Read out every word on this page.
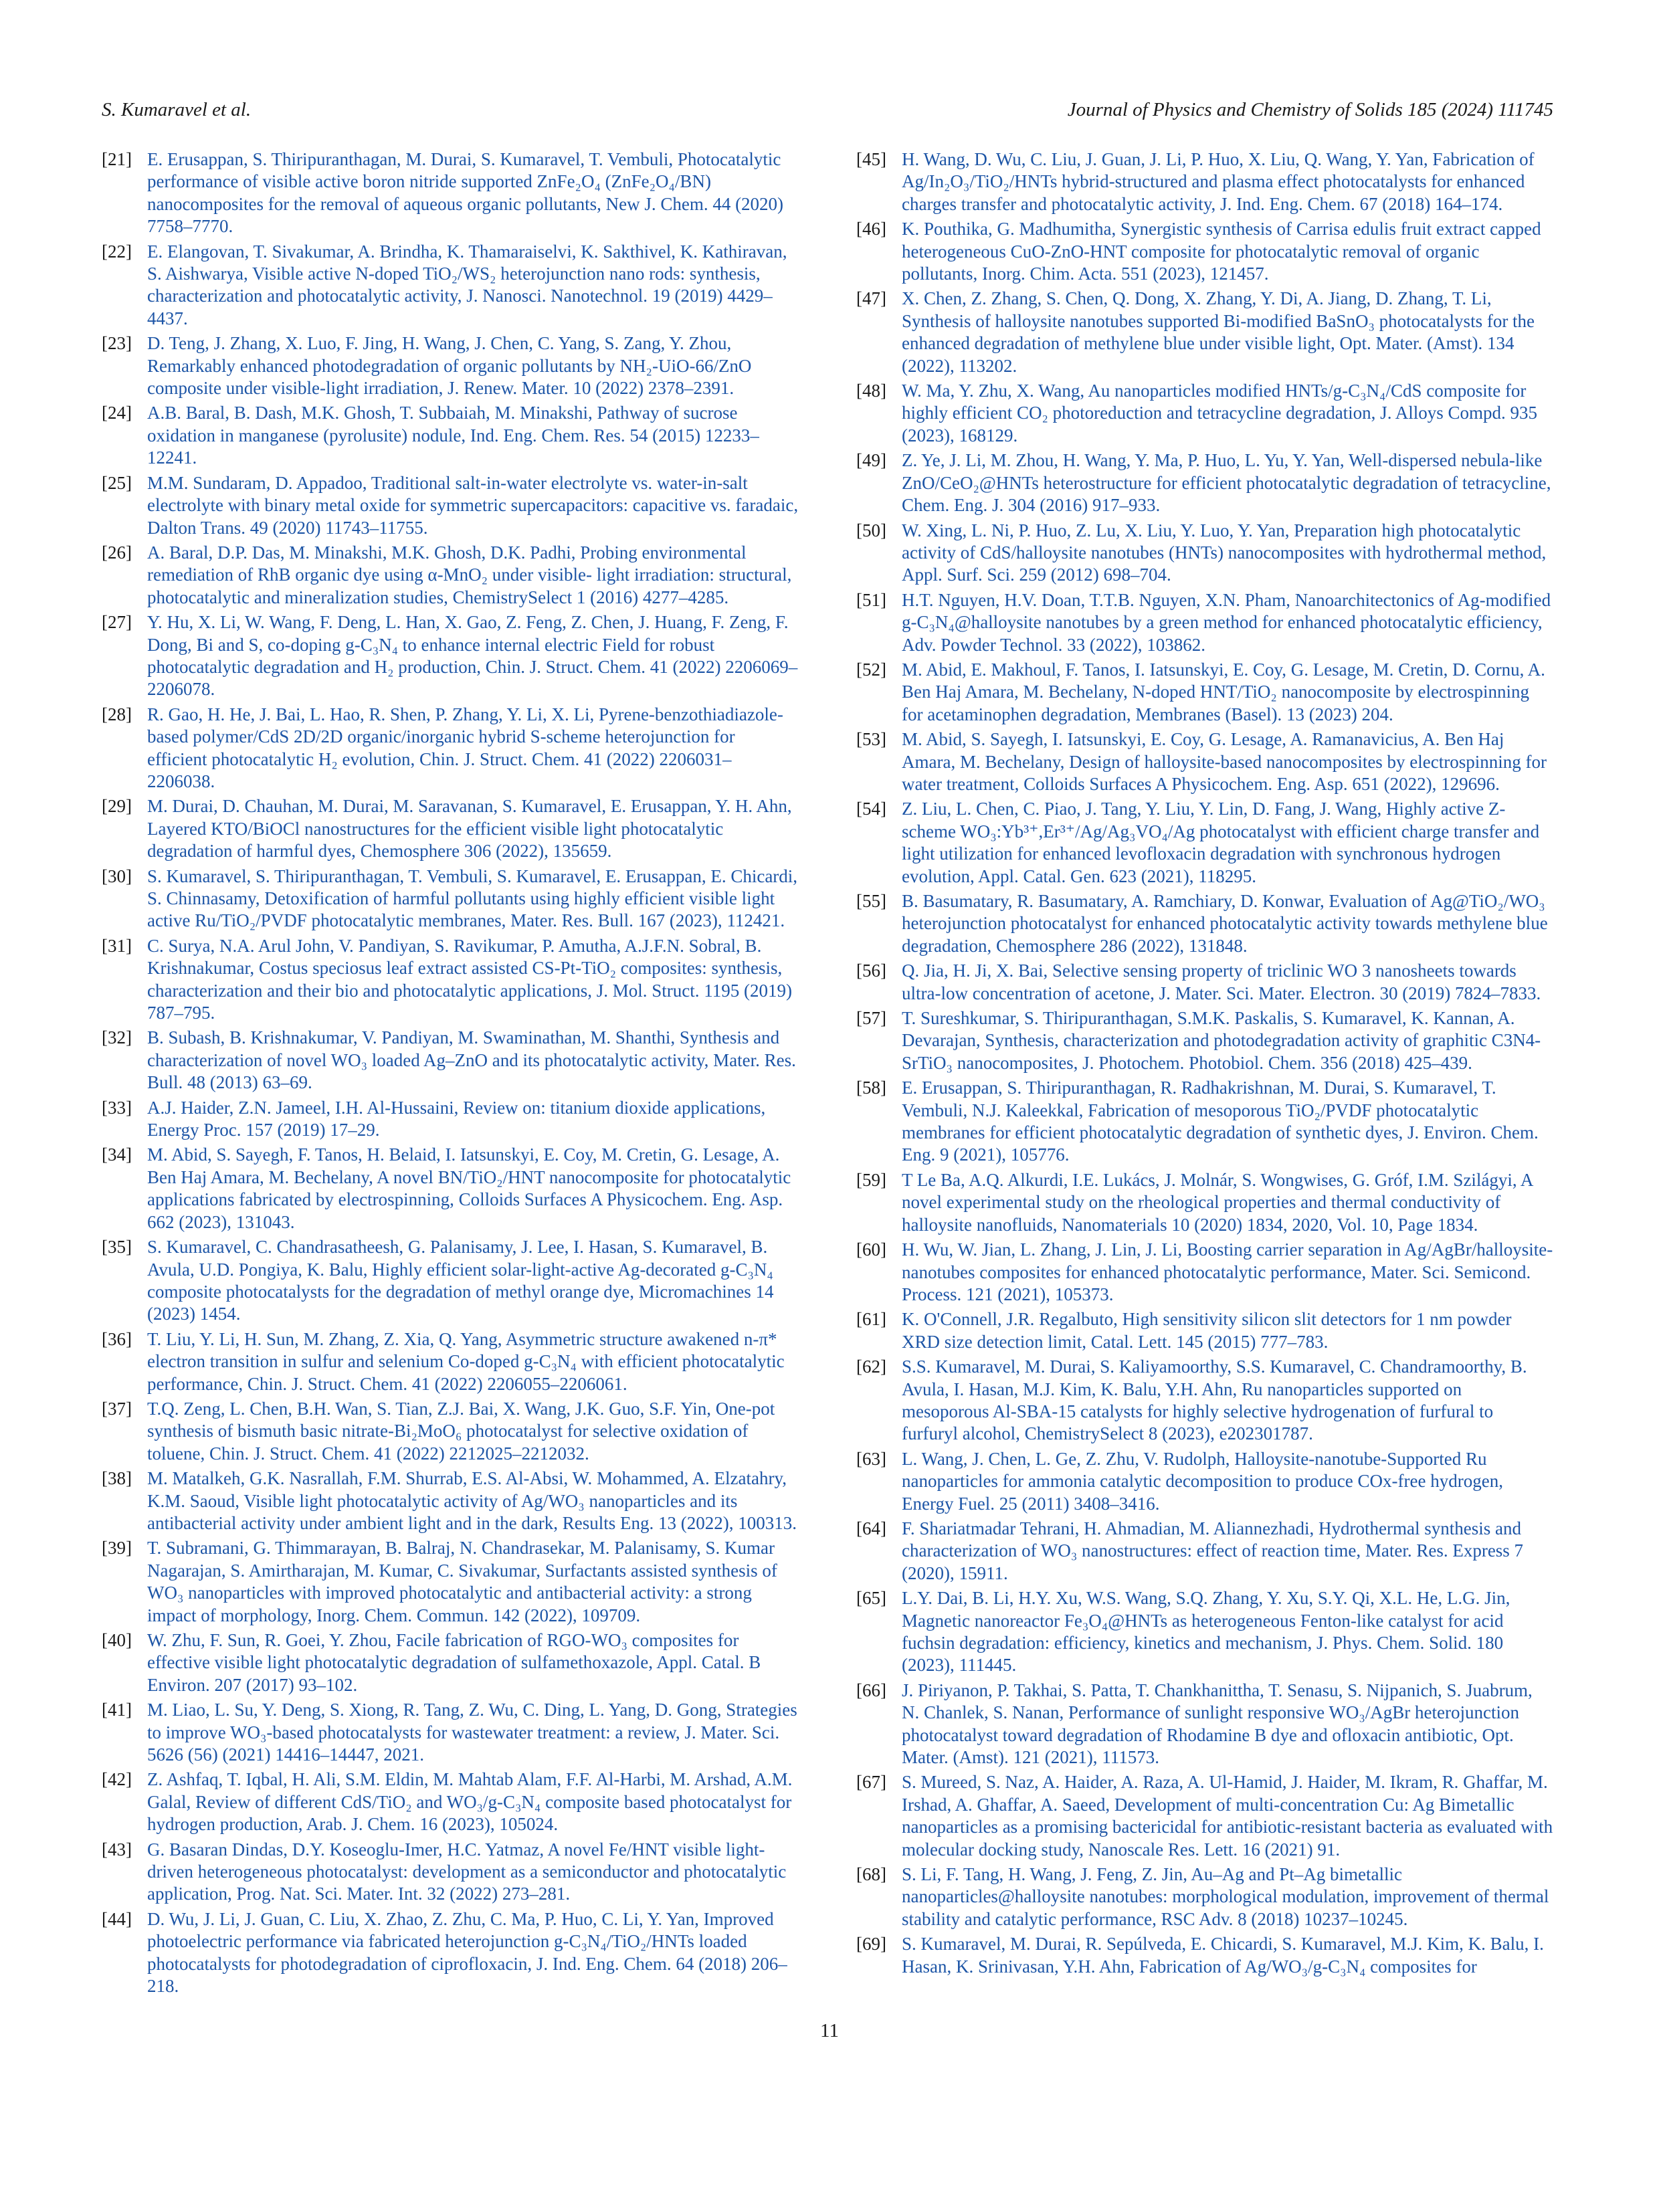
S. Kumaravel et al.	Journal of Physics and Chemistry of Solids 185 (2024) 111745
[21] E. Erusappan, S. Thiripuranthagan, M. Durai, S. Kumaravel, T. Vembuli, Photocatalytic performance of visible active boron nitride supported ZnFe₂O₄ (ZnFe₂O₄/BN) nanocomposites for the removal of aqueous organic pollutants, New J. Chem. 44 (2020) 7758–7770.
[22] E. Elangovan, T. Sivakumar, A. Brindha, K. Thamaraiselvi, K. Sakthivel, K. Kathiravan, S. Aishwarya, Visible active N-doped TiO₂/WS₂ heterojunction nano rods: synthesis, characterization and photocatalytic activity, J. Nanosci. Nanotechnol. 19 (2019) 4429–4437.
[23] D. Teng, J. Zhang, X. Luo, F. Jing, H. Wang, J. Chen, C. Yang, S. Zang, Y. Zhou, Remarkably enhanced photodegradation of organic pollutants by NH₂-UiO-66/ZnO composite under visible-light irradiation, J. Renew. Mater. 10 (2022) 2378–2391.
[24] A.B. Baral, B. Dash, M.K. Ghosh, T. Subbaiah, M. Minakshi, Pathway of sucrose oxidation in manganese (pyrolusite) nodule, Ind. Eng. Chem. Res. 54 (2015) 12233–12241.
[25] M.M. Sundaram, D. Appadoo, Traditional salt-in-water electrolyte vs. water-in-salt electrolyte with binary metal oxide for symmetric supercapacitors: capacitive vs. faradaic, Dalton Trans. 49 (2020) 11743–11755.
[26] A. Baral, D.P. Das, M. Minakshi, M.K. Ghosh, D.K. Padhi, Probing environmental remediation of RhB organic dye using α-MnO₂ under visible- light irradiation: structural, photocatalytic and mineralization studies, ChemistrySelect 1 (2016) 4277–4285.
[27] Y. Hu, X. Li, W. Wang, F. Deng, L. Han, X. Gao, Z. Feng, Z. Chen, J. Huang, F. Zeng, F. Dong, Bi and S, co-doping g-C₃N₄ to enhance internal electric Field for robust photocatalytic degradation and H₂ production, Chin. J. Struct. Chem. 41 (2022) 2206069–2206078.
[28] R. Gao, H. He, J. Bai, L. Hao, R. Shen, P. Zhang, Y. Li, X. Li, Pyrene-benzothiadiazole-based polymer/CdS 2D/2D organic/inorganic hybrid S-scheme heterojunction for efficient photocatalytic H₂ evolution, Chin. J. Struct. Chem. 41 (2022) 2206031–2206038.
[29] M. Durai, D. Chauhan, M. Durai, M. Saravanan, S. Kumaravel, E. Erusappan, Y. H. Ahn, Layered KTO/BiOCl nanostructures for the efficient visible light photocatalytic degradation of harmful dyes, Chemosphere 306 (2022), 135659.
[30] S. Kumaravel, S. Thiripuranthagan, T. Vembuli, S. Kumaravel, E. Erusappan, E. Chicardi, S. Chinnasamy, Detoxification of harmful pollutants using highly efficient visible light active Ru/TiO₂/PVDF photocatalytic membranes, Mater. Res. Bull. 167 (2023), 112421.
[31] C. Surya, N.A. Arul John, V. Pandiyan, S. Ravikumar, P. Amutha, A.J.F.N. Sobral, B. Krishnakumar, Costus speciosus leaf extract assisted CS-Pt-TiO₂ composites: synthesis, characterization and their bio and photocatalytic applications, J. Mol. Struct. 1195 (2019) 787–795.
[32] B. Subash, B. Krishnakumar, V. Pandiyan, M. Swaminathan, M. Shanthi, Synthesis and characterization of novel WO₃ loaded Ag–ZnO and its photocatalytic activity, Mater. Res. Bull. 48 (2013) 63–69.
[33] A.J. Haider, Z.N. Jameel, I.H. Al-Hussaini, Review on: titanium dioxide applications, Energy Proc. 157 (2019) 17–29.
[34] M. Abid, S. Sayegh, F. Tanos, H. Belaid, I. Iatsunskyi, E. Coy, M. Cretin, G. Lesage, A. Ben Haj Amara, M. Bechelany, A novel BN/TiO₂/HNT nanocomposite for photocatalytic applications fabricated by electrospinning, Colloids Surfaces A Physicochem. Eng. Asp. 662 (2023), 131043.
[35] S. Kumaravel, C. Chandrasatheesh, G. Palanisamy, J. Lee, I. Hasan, S. Kumaravel, B. Avula, U.D. Pongiya, K. Balu, Highly efficient solar-light-active Ag-decorated g-C₃N₄ composite photocatalysts for the degradation of methyl orange dye, Micromachines 14 (2023) 1454.
[36] T. Liu, Y. Li, H. Sun, M. Zhang, Z. Xia, Q. Yang, Asymmetric structure awakened n-π* electron transition in sulfur and selenium Co-doped g-C₃N₄ with efficient photocatalytic performance, Chin. J. Struct. Chem. 41 (2022) 2206055–2206061.
[37] T.Q. Zeng, L. Chen, B.H. Wan, S. Tian, Z.J. Bai, X. Wang, J.K. Guo, S.F. Yin, One-pot synthesis of bismuth basic nitrate-Bi₂MoO₆ photocatalyst for selective oxidation of toluene, Chin. J. Struct. Chem. 41 (2022) 2212025–2212032.
[38] M. Matalkeh, G.K. Nasrallah, F.M. Shurrab, E.S. Al-Absi, W. Mohammed, A. Elzatahry, K.M. Saoud, Visible light photocatalytic activity of Ag/WO₃ nanoparticles and its antibacterial activity under ambient light and in the dark, Results Eng. 13 (2022), 100313.
[39] T. Subramani, G. Thimmarayan, B. Balraj, N. Chandrasekar, M. Palanisamy, S. Kumar Nagarajan, S. Amirtharajan, M. Kumar, C. Sivakumar, Surfactants assisted synthesis of WO₃ nanoparticles with improved photocatalytic and antibacterial activity: a strong impact of morphology, Inorg. Chem. Commun. 142 (2022), 109709.
[40] W. Zhu, F. Sun, R. Goei, Y. Zhou, Facile fabrication of RGO-WO₃ composites for effective visible light photocatalytic degradation of sulfamethoxazole, Appl. Catal. B Environ. 207 (2017) 93–102.
[41] M. Liao, L. Su, Y. Deng, S. Xiong, R. Tang, Z. Wu, C. Ding, L. Yang, D. Gong, Strategies to improve WO₃-based photocatalysts for wastewater treatment: a review, J. Mater. Sci. 5626 (56) (2021) 14416–14447, 2021.
[42] Z. Ashfaq, T. Iqbal, H. Ali, S.M. Eldin, M. Mahtab Alam, F.F. Al-Harbi, M. Arshad, A.M. Galal, Review of different CdS/TiO₂ and WO₃/g-C₃N₄ composite based photocatalyst for hydrogen production, Arab. J. Chem. 16 (2023), 105024.
[43] G. Basaran Dindas, D.Y. Koseoglu-Imer, H.C. Yatmaz, A novel Fe/HNT visible light-driven heterogeneous photocatalyst: development as a semiconductor and photocatalytic application, Prog. Nat. Sci. Mater. Int. 32 (2022) 273–281.
[44] D. Wu, J. Li, J. Guan, C. Liu, X. Zhao, Z. Zhu, C. Ma, P. Huo, C. Li, Y. Yan, Improved photoelectric performance via fabricated heterojunction g-C₃N₄/TiO₂/HNTs loaded photocatalysts for photodegradation of ciprofloxacin, J. Ind. Eng. Chem. 64 (2018) 206–218.
[45] H. Wang, D. Wu, C. Liu, J. Guan, J. Li, P. Huo, X. Liu, Q. Wang, Y. Yan, Fabrication of Ag/In₂O₃/TiO₂/HNTs hybrid-structured and plasma effect photocatalysts for enhanced charges transfer and photocatalytic activity, J. Ind. Eng. Chem. 67 (2018) 164–174.
[46] K. Pouthika, G. Madhumitha, Synergistic synthesis of Carrisa edulis fruit extract capped heterogeneous CuO-ZnO-HNT composite for photocatalytic removal of organic pollutants, Inorg. Chim. Acta. 551 (2023), 121457.
[47] X. Chen, Z. Zhang, S. Chen, Q. Dong, X. Zhang, Y. Di, A. Jiang, D. Zhang, T. Li, Synthesis of halloysite nanotubes supported Bi-modified BaSnO₃ photocatalysts for the enhanced degradation of methylene blue under visible light, Opt. Mater. (Amst). 134 (2022), 113202.
[48] W. Ma, Y. Zhu, X. Wang, Au nanoparticles modified HNTs/g-C₃N₄/CdS composite for highly efficient CO₂ photoreduction and tetracycline degradation, J. Alloys Compd. 935 (2023), 168129.
[49] Z. Ye, J. Li, M. Zhou, H. Wang, Y. Ma, P. Huo, L. Yu, Y. Yan, Well-dispersed nebula-like ZnO/CeO₂@HNTs heterostructure for efficient photocatalytic degradation of tetracycline, Chem. Eng. J. 304 (2016) 917–933.
[50] W. Xing, L. Ni, P. Huo, Z. Lu, X. Liu, Y. Luo, Y. Yan, Preparation high photocatalytic activity of CdS/halloysite nanotubes (HNTs) nanocomposites with hydrothermal method, Appl. Surf. Sci. 259 (2012) 698–704.
[51] H.T. Nguyen, H.V. Doan, T.T.B. Nguyen, X.N. Pham, Nanoarchitectonics of Ag-modified g-C₃N₄@halloysite nanotubes by a green method for enhanced photocatalytic efficiency, Adv. Powder Technol. 33 (2022), 103862.
[52] M. Abid, E. Makhoul, F. Tanos, I. Iatsunskyi, E. Coy, G. Lesage, M. Cretin, D. Cornu, A. Ben Haj Amara, M. Bechelany, N-doped HNT/TiO₂ nanocomposite by electrospinning for acetaminophen degradation, Membranes (Basel). 13 (2023) 204.
[53] M. Abid, S. Sayegh, I. Iatsunskyi, E. Coy, G. Lesage, A. Ramanavicius, A. Ben Haj Amara, M. Bechelany, Design of halloysite-based nanocomposites by electrospinning for water treatment, Colloids Surfaces A Physicochem. Eng. Asp. 651 (2022), 129696.
[54] Z. Liu, L. Chen, C. Piao, J. Tang, Y. Liu, Y. Lin, D. Fang, J. Wang, Highly active Z-scheme WO₃:Yb³⁺,Er³⁺/Ag/Ag₃VO₄/Ag photocatalyst with efficient charge transfer and light utilization for enhanced levofloxacin degradation with synchronous hydrogen evolution, Appl. Catal. Gen. 623 (2021), 118295.
[55] B. Basumatary, R. Basumatary, A. Ramchiary, D. Konwar, Evaluation of Ag@TiO₂/WO₃ heterojunction photocatalyst for enhanced photocatalytic activity towards methylene blue degradation, Chemosphere 286 (2022), 131848.
[56] Q. Jia, H. Ji, X. Bai, Selective sensing property of triclinic WO 3 nanosheets towards ultra-low concentration of acetone, J. Mater. Sci. Mater. Electron. 30 (2019) 7824–7833.
[57] T. Sureshkumar, S. Thiripuranthagan, S.M.K. Paskalis, S. Kumaravel, K. Kannan, A. Devarajan, Synthesis, characterization and photodegradation activity of graphitic C3N4-SrTiO₃ nanocomposites, J. Photochem. Photobiol. Chem. 356 (2018) 425–439.
[58] E. Erusappan, S. Thiripuranthagan, R. Radhakrishnan, M. Durai, S. Kumaravel, T. Vembuli, N.J. Kaleekkal, Fabrication of mesoporous TiO₂/PVDF photocatalytic membranes for efficient photocatalytic degradation of synthetic dyes, J. Environ. Chem. Eng. 9 (2021), 105776.
[59] T Le Ba, A.Q. Alkurdi, I.E. Lukács, J. Molnár, S. Wongwises, G. Gróf, I.M. Szilágyi, A novel experimental study on the rheological properties and thermal conductivity of halloysite nanofluids, Nanomaterials 10 (2020) 1834, 2020, Vol. 10, Page 1834.
[60] H. Wu, W. Jian, L. Zhang, J. Lin, J. Li, Boosting carrier separation in Ag/AgBr/halloysite-nanotubes composites for enhanced photocatalytic performance, Mater. Sci. Semicond. Process. 121 (2021), 105373.
[61] K. O'Connell, J.R. Regalbuto, High sensitivity silicon slit detectors for 1 nm powder XRD size detection limit, Catal. Lett. 145 (2015) 777–783.
[62] S.S. Kumaravel, M. Durai, S. Kaliyamoorthy, S.S. Kumaravel, C. Chandramoorthy, B. Avula, I. Hasan, M.J. Kim, K. Balu, Y.H. Ahn, Ru nanoparticles supported on mesoporous Al-SBA-15 catalysts for highly selective hydrogenation of furfural to furfuryl alcohol, ChemistrySelect 8 (2023), e202301787.
[63] L. Wang, J. Chen, L. Ge, Z. Zhu, V. Rudolph, Halloysite-nanotube-Supported Ru nanoparticles for ammonia catalytic decomposition to produce COx-free hydrogen, Energy Fuel. 25 (2011) 3408–3416.
[64] F. Shariatmadar Tehrani, H. Ahmadian, M. Aliannezhadi, Hydrothermal synthesis and characterization of WO₃ nanostructures: effect of reaction time, Mater. Res. Express 7 (2020), 15911.
[65] L.Y. Dai, B. Li, H.Y. Xu, W.S. Wang, S.Q. Zhang, Y. Xu, S.Y. Qi, X.L. He, L.G. Jin, Magnetic nanoreactor Fe₃O₄@HNTs as heterogeneous Fenton-like catalyst for acid fuchsin degradation: efficiency, kinetics and mechanism, J. Phys. Chem. Solid. 180 (2023), 111445.
[66] J. Piriyanon, P. Takhai, S. Patta, T. Chankhanittha, T. Senasu, S. Nijpanich, S. Juabrum, N. Chanlek, S. Nanan, Performance of sunlight responsive WO₃/AgBr heterojunction photocatalyst toward degradation of Rhodamine B dye and ofloxacin antibiotic, Opt. Mater. (Amst). 121 (2021), 111573.
[67] S. Mureed, S. Naz, A. Haider, A. Raza, A. Ul-Hamid, J. Haider, M. Ikram, R. Ghaffar, M. Irshad, A. Ghaffar, A. Saeed, Development of multi-concentration Cu: Ag Bimetallic nanoparticles as a promising bactericidal for antibiotic-resistant bacteria as evaluated with molecular docking study, Nanoscale Res. Lett. 16 (2021) 91.
[68] S. Li, F. Tang, H. Wang, J. Feng, Z. Jin, Au–Ag and Pt–Ag bimetallic nanoparticles@halloysite nanotubes: morphological modulation, improvement of thermal stability and catalytic performance, RSC Adv. 8 (2018) 10237–10245.
[69] S. Kumaravel, M. Durai, R. Sepúlveda, E. Chicardi, S. Kumaravel, M.J. Kim, K. Balu, I. Hasan, K. Srinivasan, Y.H. Ahn, Fabrication of Ag/WO₃/g-C₃N₄ composites for
11
